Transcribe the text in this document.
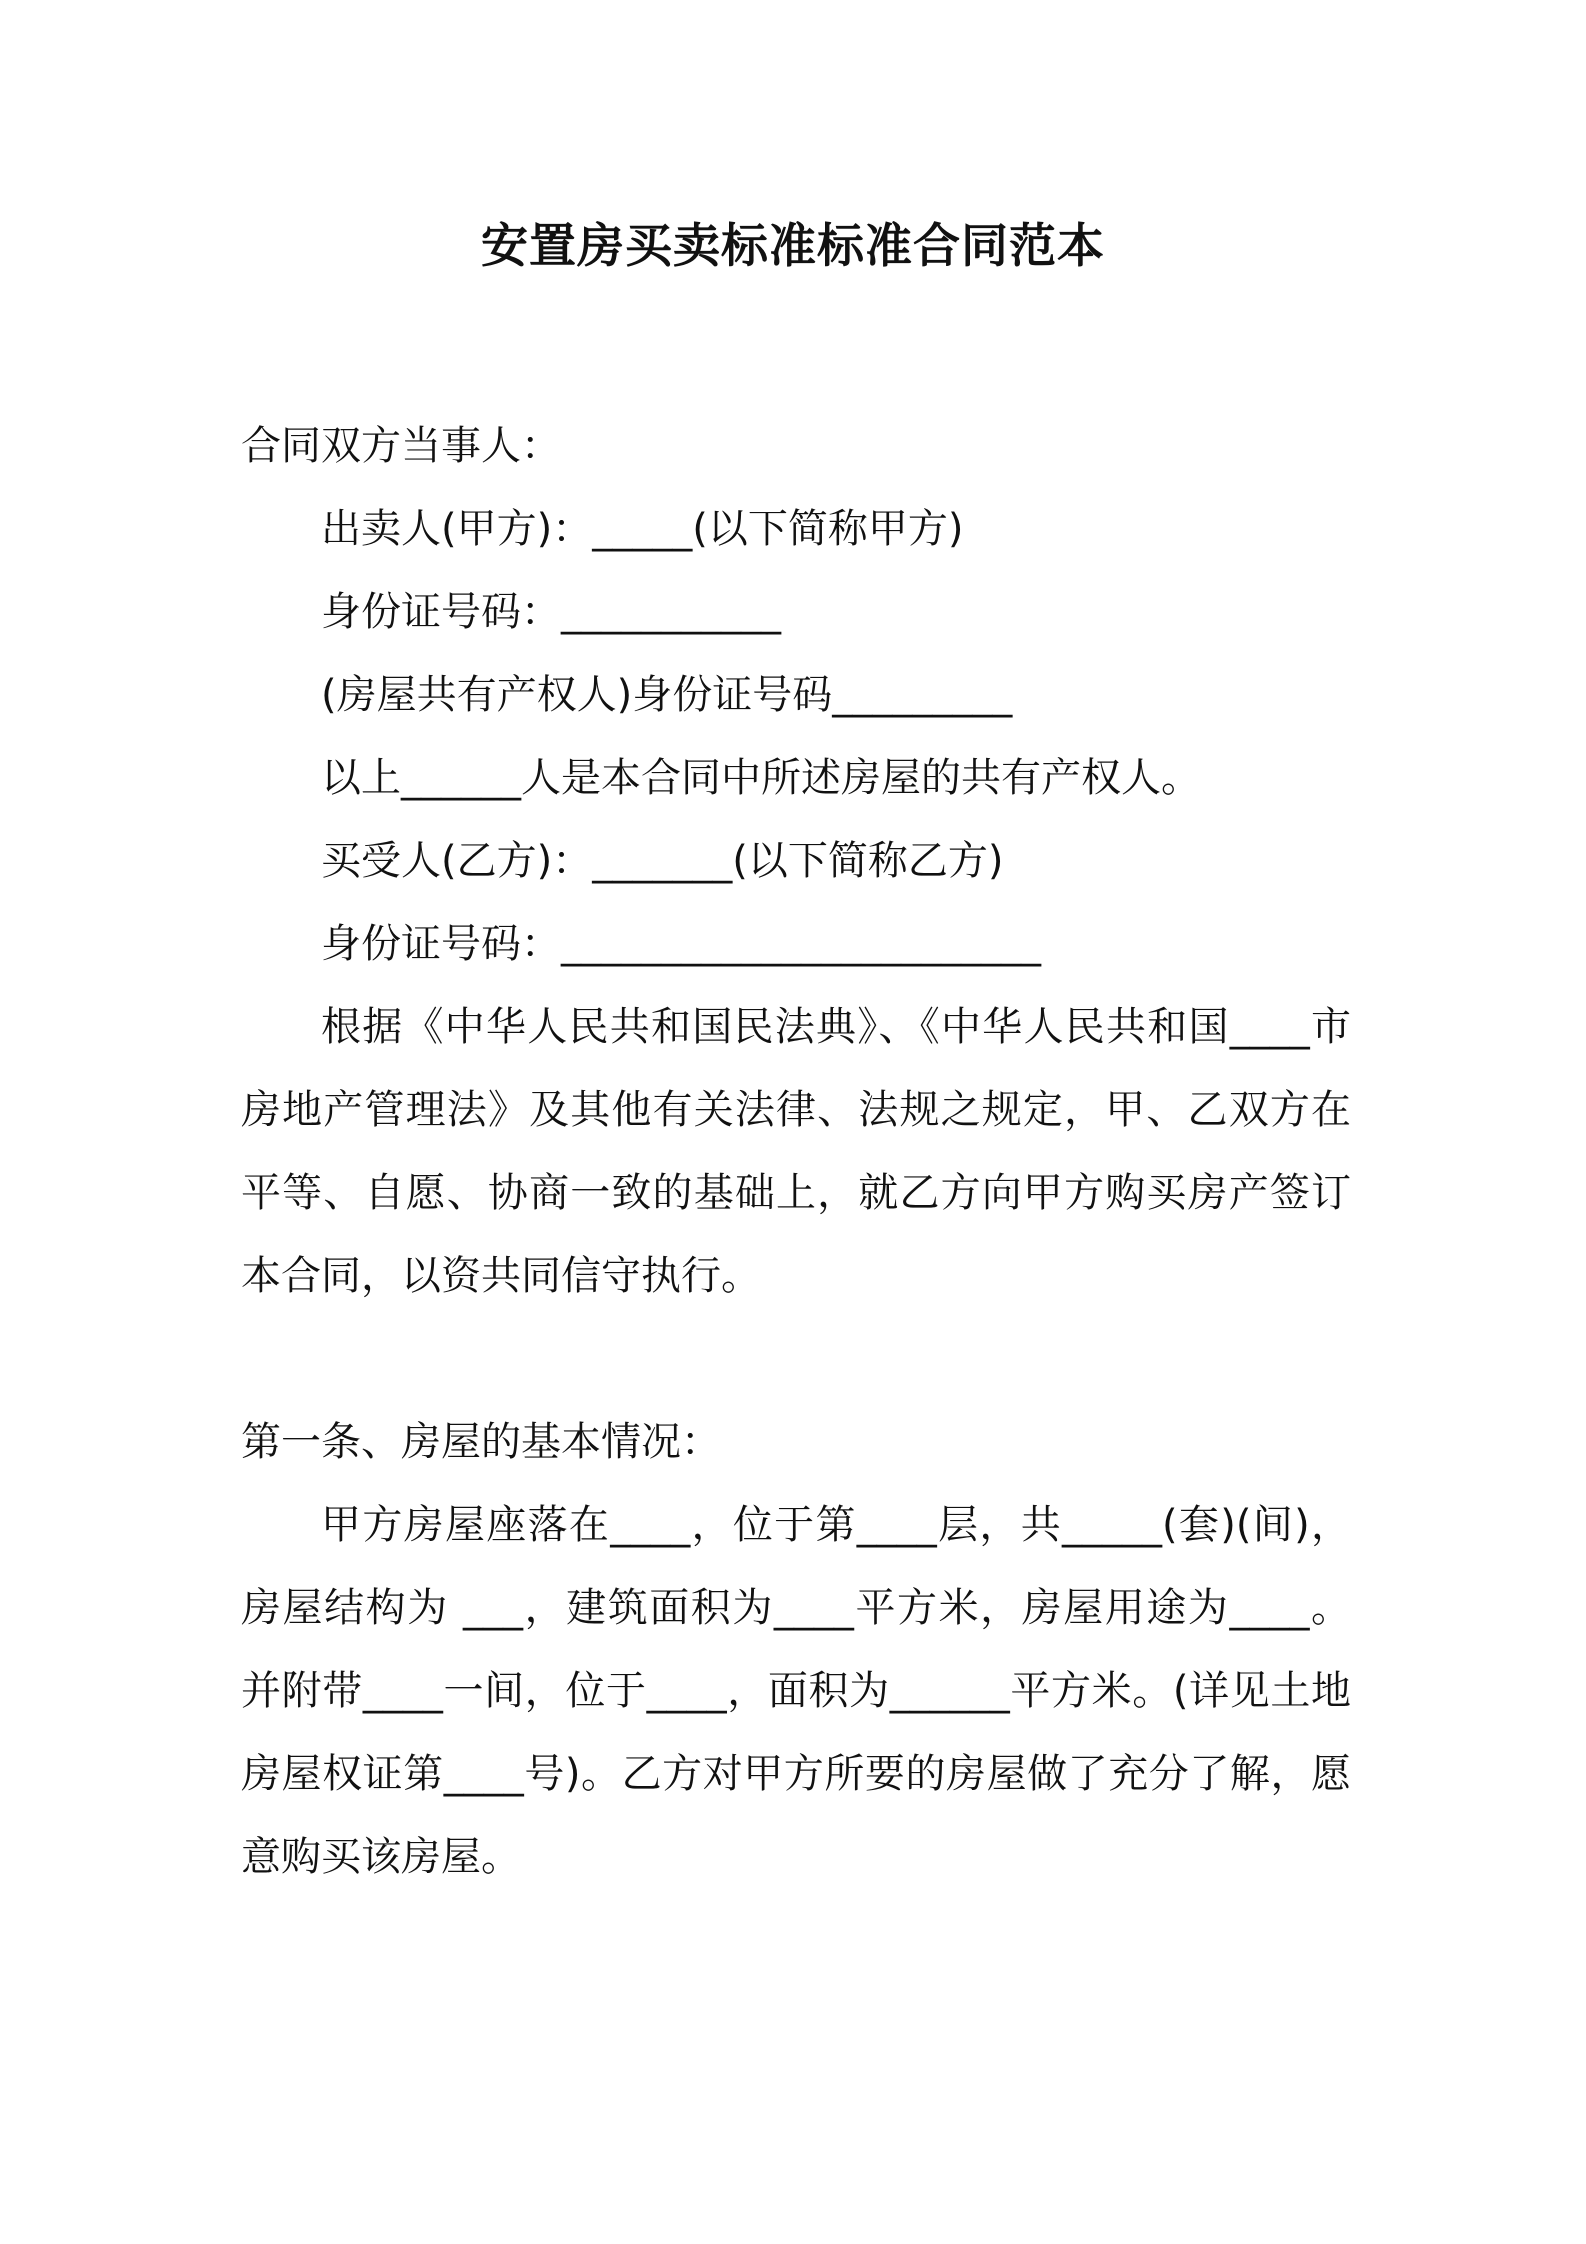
安置房买卖标准标准合同范本

合同双方当事人：

出卖人(甲方)：_____(以下简称甲方)

身份证号码：___________

(房屋共有产权人)身份证号码_________

以上______人是本合同中所述房屋的共有产权人。

买受人(乙方)：_______(以下简称乙方)

身份证号码：________________________

根据《中华人民共和国民法典》、《中华人民共和国____市房地产管理法》及其他有关法律、法规之规定，甲、乙双方在平等、自愿、协商一致的基础上，就乙方向甲方购买房产签订本合同，以资共同信守执行。

第一条、房屋的基本情况：

甲方房屋座落在____，位于第____层，共_____(套)(间)，房屋结构为 ___，建筑面积为____平方米，房屋用途为____。并附带____一间，位于____，面积为______平方米。(详见土地房屋权证第____号)。乙方对甲方所要的房屋做了充分了解，愿意购买该房屋。
